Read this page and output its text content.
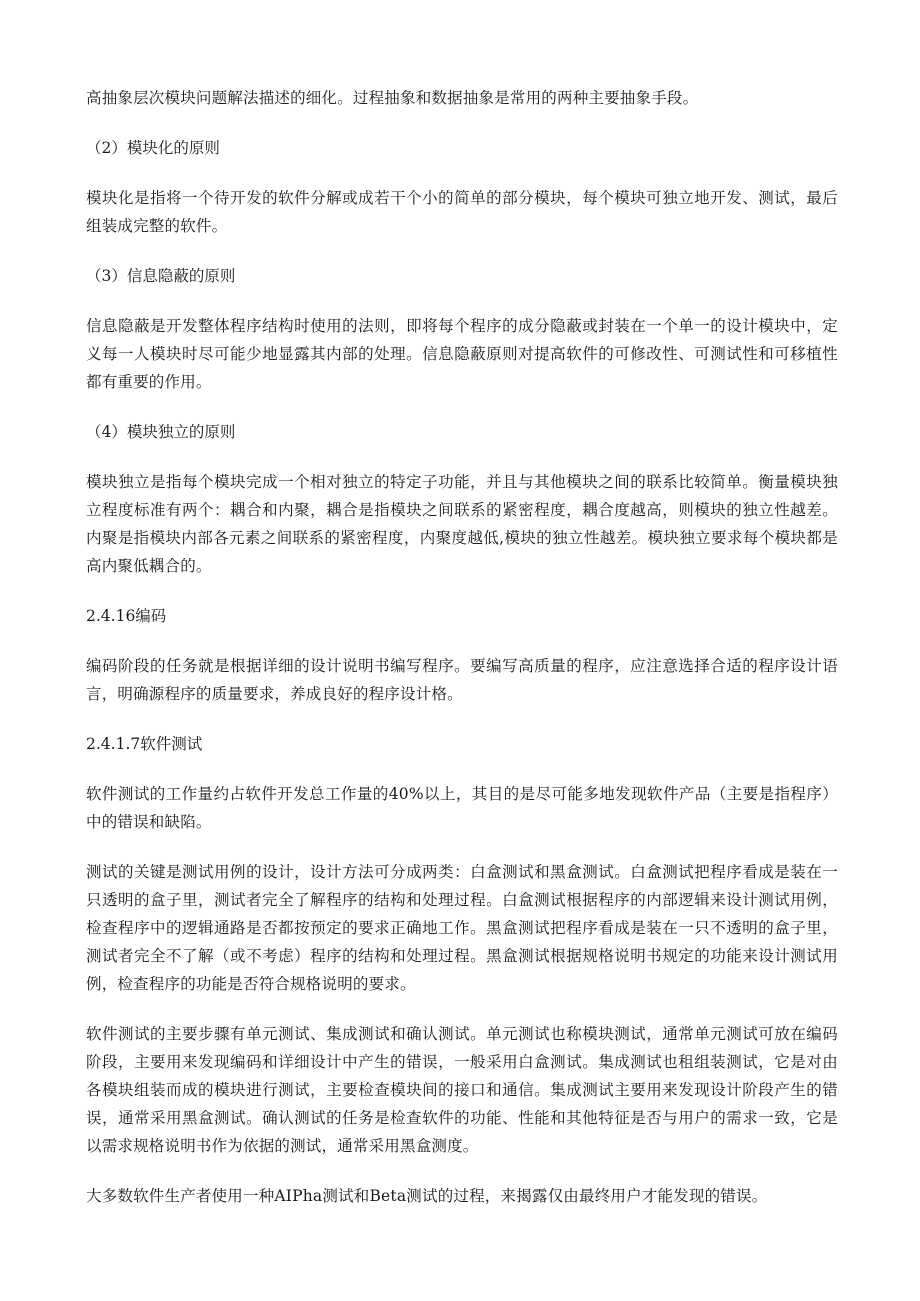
高抽象层次模块问题解法描述的细化。过程抽象和数据抽象是常用的两种主要抽象手段。

（2）模块化的原则

模块化是指将一个待开发的软件分解或成若干个小的简单的部分模块，每个模块可独立地开发、测试，最后组装成完整的软件。

（3）信息隐蔽的原则

信息隐蔽是开发整体程序结构时使用的法则，即将每个程序的成分隐蔽或封装在一个单一的设计模块中，定义每一人模块时尽可能少地显露其内部的处理。信息隐蔽原则对提高软件的可修改性、可测试性和可移植性都有重要的作用。

（4）模块独立的原则

模块独立是指每个模块完成一个相对独立的特定子功能，并且与其他模块之间的联系比较简单。衡量模块独立程度标准有两个：耦合和内聚，耦合是指模块之间联系的紧密程度，耦合度越高，则模块的独立性越差。内聚是指模块内部各元素之间联系的紧密程度，内聚度越低,模块的独立性越差。模块独立要求每个模块都是高内聚低耦合的。

2.4.16编码

编码阶段的任务就是根据详细的设计说明书编写程序。要编写高质量的程序，应注意选择合适的程序设计语言，明确源程序的质量要求，养成良好的程序设计格。

2.4.1.7软件测试

软件测试的工作量约占软件开发总工作量的40%以上，其目的是尽可能多地发现软件产品（主要是指程序）中的错误和缺陷。

测试的关键是测试用例的设计，设计方法可分成两类：白盒测试和黑盒测试。白盒测试把程序看成是装在一只透明的盒子里，测试者完全了解程序的结构和处理过程。白盒测试根据程序的内部逻辑来设计测试用例，检查程序中的逻辑通路是否都按预定的要求正确地工作。黑盒测试把程序看成是装在一只不透明的盒子里，测试者完全不了解（或不考虑）程序的结构和处理过程。黑盒测试根据规格说明书规定的功能来设计测试用例，检查程序的功能是否符合规格说明的要求。

软件测试的主要步骤有单元测试、集成测试和确认测试。单元测试也称模块测试，通常单元测试可放在编码阶段，主要用来发现编码和详细设计中产生的错误，一般采用白盒测试。集成测试也租组装测试，它是对由各模块组装而成的模块进行测试，主要检查模块间的接口和通信。集成测试主要用来发现设计阶段产生的错误，通常采用黑盒测试。确认测试的任务是检查软件的功能、性能和其他特征是否与用户的需求一致，它是以需求规格说明书作为依据的测试，通常采用黑盒测度。

大多数软件生产者使用一种AIPha测试和Beta测试的过程，来揭露仅由最终用户才能发现的错误。
